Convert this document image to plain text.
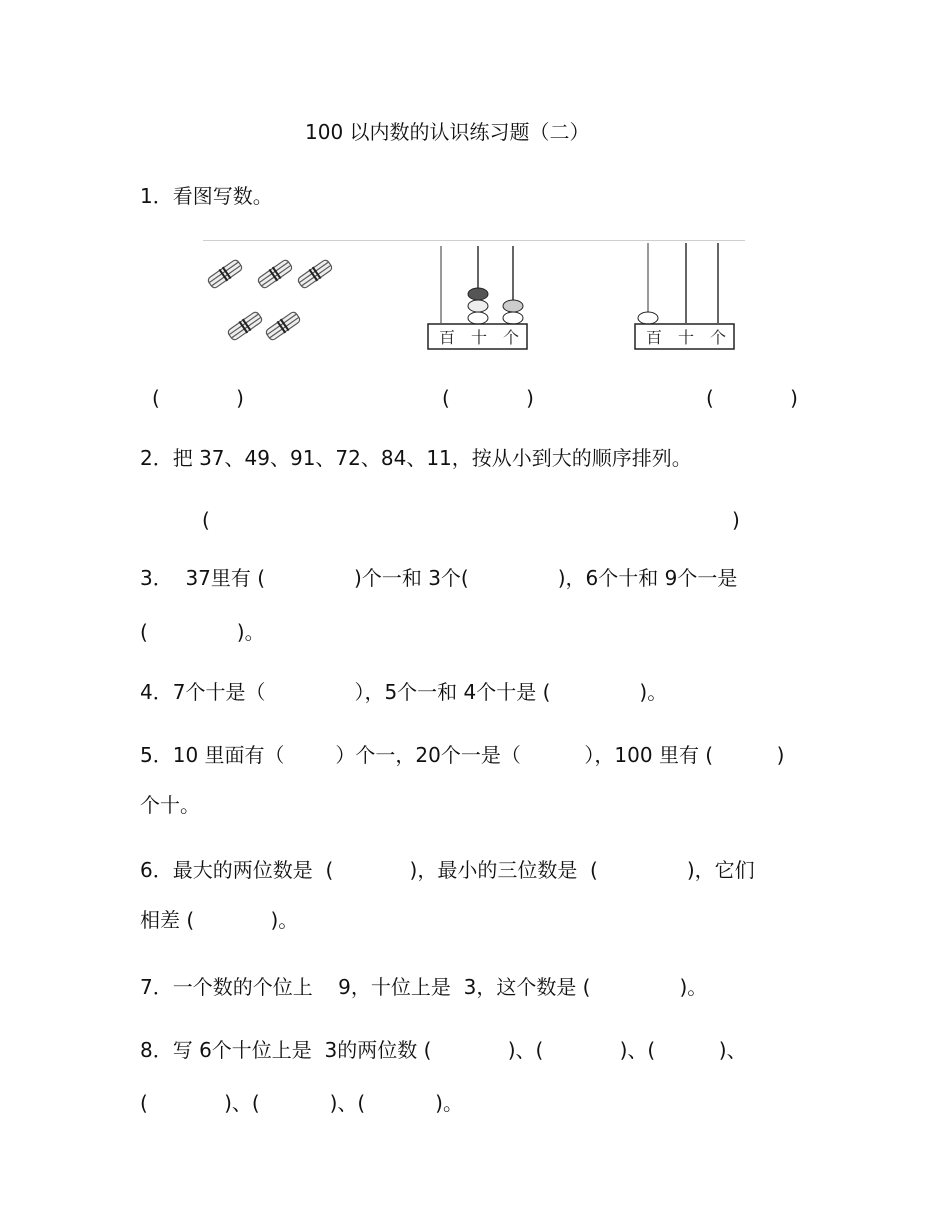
100 以内数的认识练习题（二）
1．看图写数。
百 十 个	百 十 个
(            )	(            )	(            )
2．把 37、49、91、72、84、11，按从小到大的顺序排列。
(	)
3．  37里有 (              )个一和 3个(              )，6个十和 9个一是
(              )。
4．7个十是（              ），5个一和 4个十是 (              )。
5．10 里面有（        ）个一，20个一是（          ），100 里有 (          )
个十。
6．最大的两位数是  (            )，最小的三位数是  (              )，它们
相差 (            )。
7．一个数的个位上    9，十位上是  3，这个数是 (              )。
8．写 6个十位上是  3的两位数 (            )、(            )、(          )、
(            )、(           )、(           )。
